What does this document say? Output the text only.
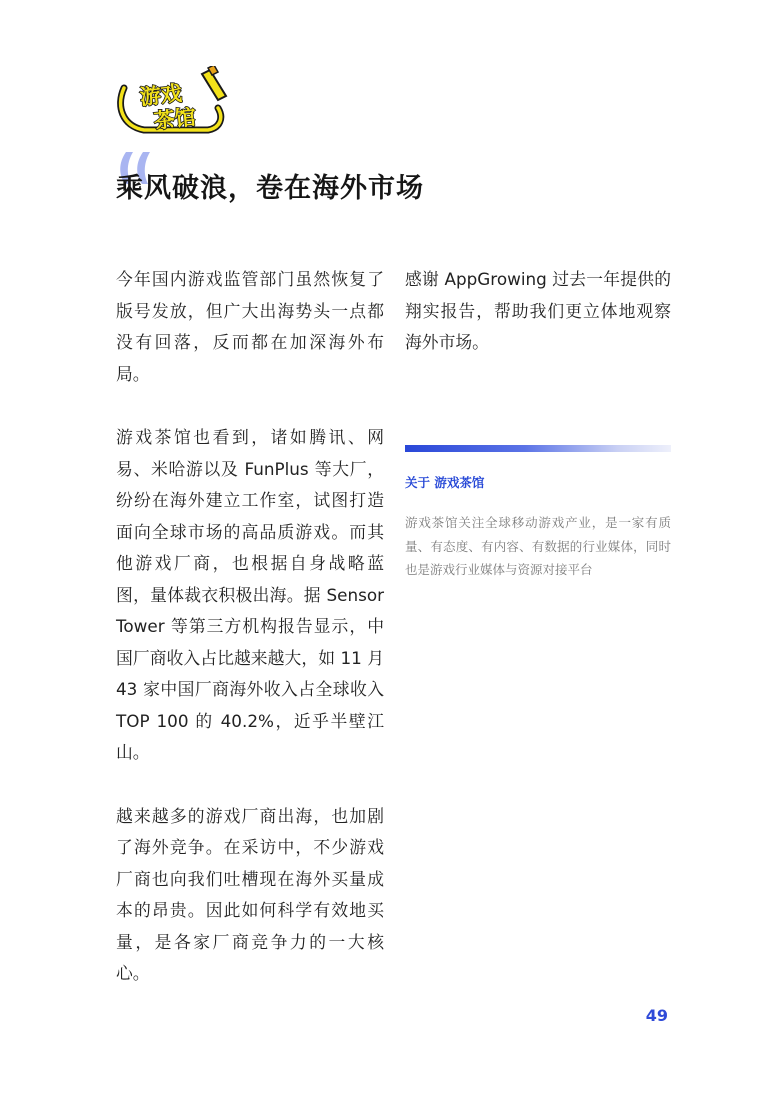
游戏
茶馆
乘风破浪，卷在海外市场

今年国内游戏监管部门虽然恢复了版号发放，但广大出海势头一点都没有回落，反而都在加深海外布局。

游戏茶馆也看到，诸如腾讯、网易、米哈游以及 FunPlus 等大厂，纷纷在海外建立工作室，试图打造面向全球市场的高品质游戏。而其他游戏厂商，也根据自身战略蓝图，量体裁衣积极出海。据 Sensor Tower 等第三方机构报告显示，中国厂商收入占比越来越大，如 11 月 43 家中国厂商海外收入占全球收入 TOP 100 的 40.2%，近乎半壁江山。

越来越多的游戏厂商出海，也加剧了海外竞争。在采访中，不少游戏厂商也向我们吐槽现在海外买量成本的昂贵。因此如何科学有效地买量，是各家厂商竞争力的一大核心。

感谢 AppGrowing 过去一年提供的翔实报告，帮助我们更立体地观察海外市场。

关于 游戏茶馆

游戏茶馆关注全球移动游戏产业，是一家有质量、有态度、有内容、有数据的行业媒体，同时也是游戏行业媒体与资源对接平台

49
